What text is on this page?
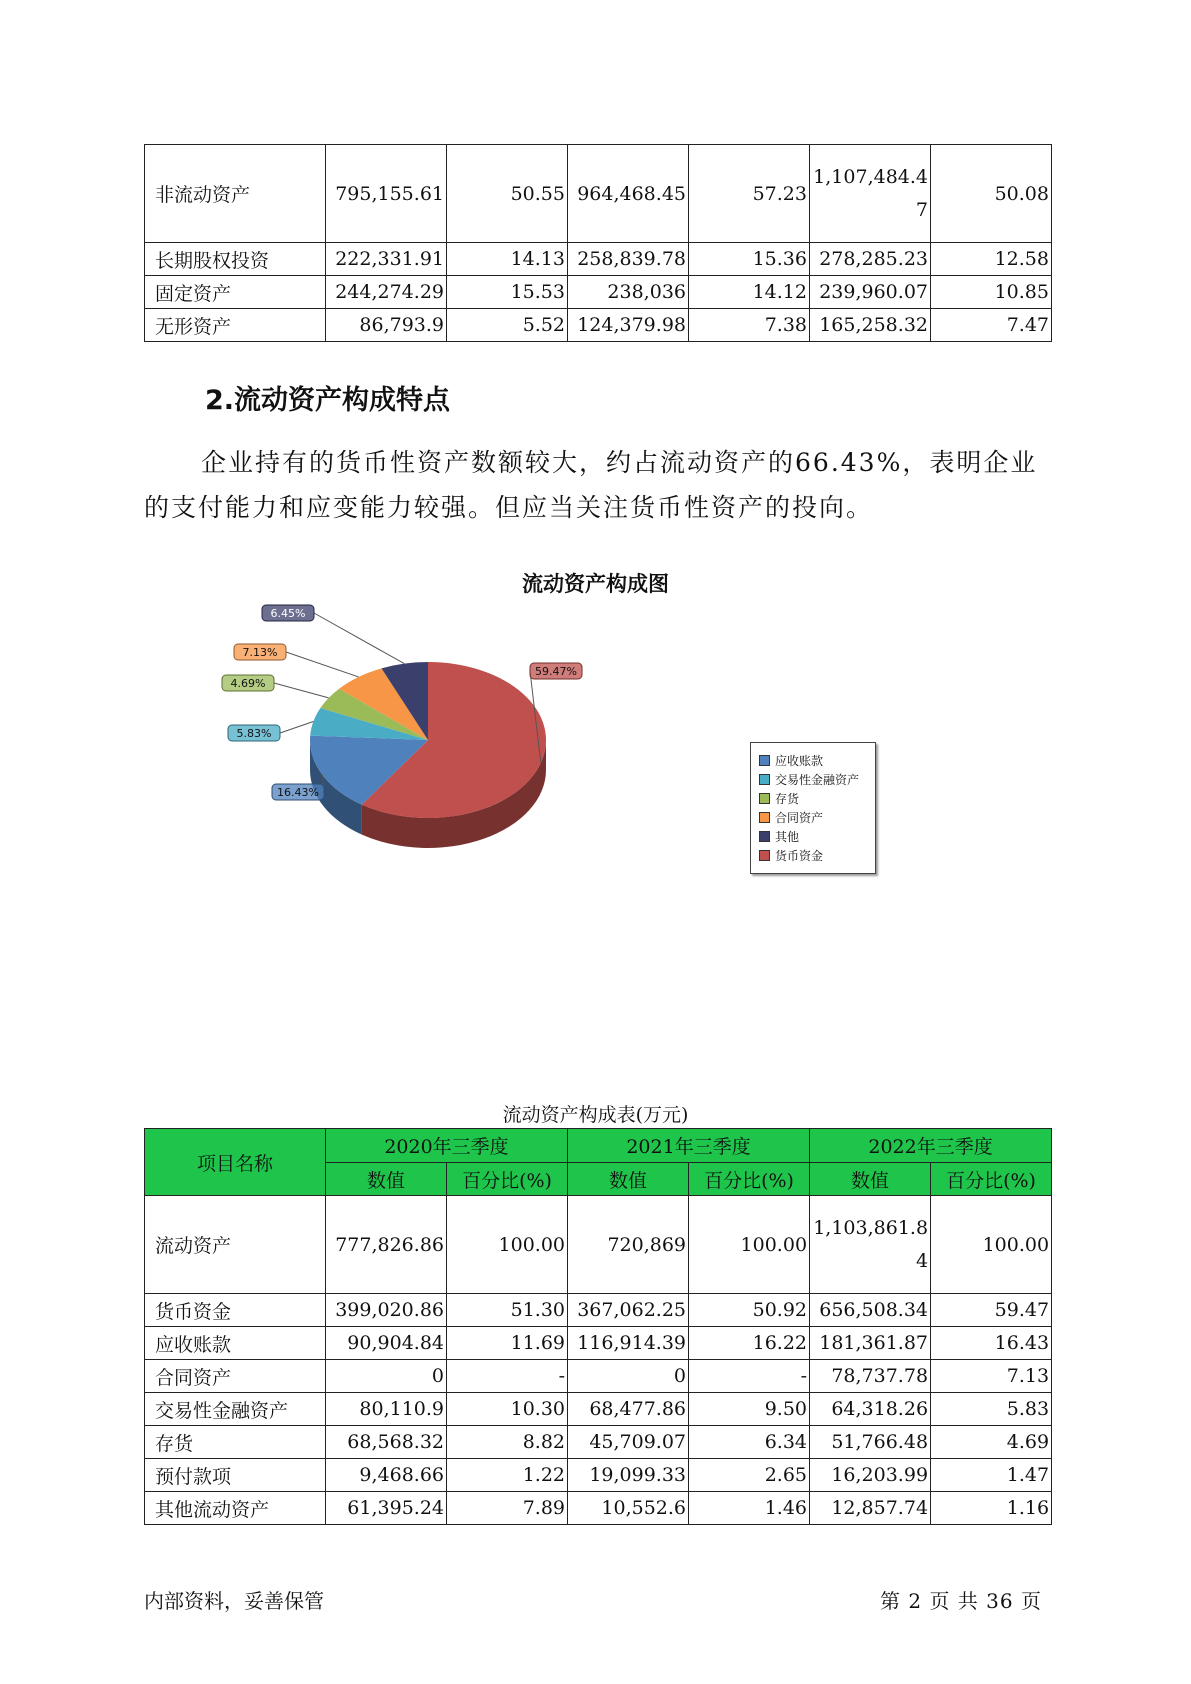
非流动资产	795,155.61	50.55	964,468.45	57.23	1,107,484.47	50.08
长期股权投资	222,331.91	14.13	258,839.78	15.36	278,285.23	12.58
固定资产	244,274.29	15.53	238,036	14.12	239,960.07	10.85
无形资产	86,793.9	5.52	124,379.98	7.38	165,258.32	7.47
2.流动资产构成特点
企业持有的货币性资产数额较大，约占流动资产的66.43%，表明企业的支付能力和应变能力较强。但应当关注货币性资产的投向。
流动资产构成图
59.47%
16.43%
5.83%
4.69%
7.13%
6.45%
应收账款
交易性金融资产
存货
合同资产
其他
货币资金
流动资产构成表(万元)
项目名称	2020年三季度		2021年三季度		2022年三季度	
	数值	百分比(%)	数值	百分比(%)	数值	百分比(%)
流动资产	777,826.86	100.00	720,869	100.00	1,103,861.84	100.00
货币资金	399,020.86	51.30	367,062.25	50.92	656,508.34	59.47
应收账款	90,904.84	11.69	116,914.39	16.22	181,361.87	16.43
合同资产	0	-	0	-	78,737.78	7.13
交易性金融资产	80,110.9	10.30	68,477.86	9.50	64,318.26	5.83
存货	68,568.32	8.82	45,709.07	6.34	51,766.48	4.69
预付款项	9,468.66	1.22	19,099.33	2.65	16,203.99	1.47
其他流动资产	61,395.24	7.89	10,552.6	1.46	12,857.74	1.16
内部资料，妥善保管	第 2 页 共 36 页
